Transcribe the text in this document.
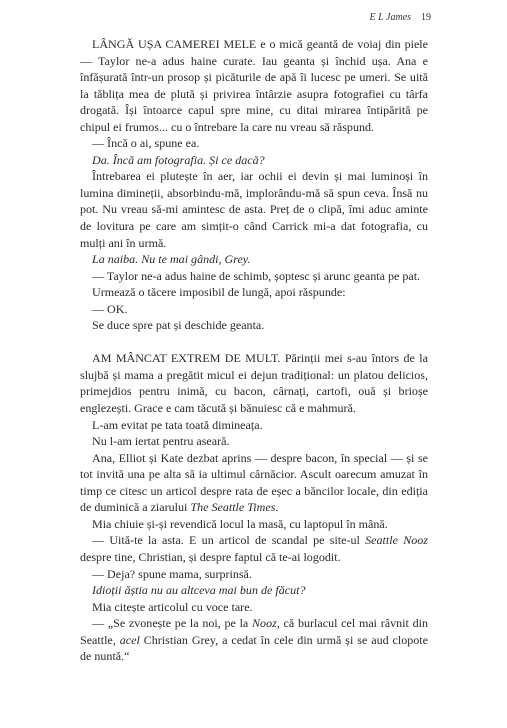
E L James 19

LÂNGĂ UȘA CAMEREI MELE e o mică geantă de voiaj din piele — Taylor ne-a adus haine curate. Iau geanta și închid ușa. Ana e înfășurată într-un prosop și picăturile de apă îi lucesc pe umeri. Se uită la tăblița mea de plută și privirea întârzie asupra fotografiei cu târfa drogată. Își întoarce capul spre mine, cu ditai mirarea întipărită pe chipul ei frumos... cu o întrebare la care nu vreau să răspund.

— Încă o ai, spune ea.

Da. Încă am fotografia. Și ce dacă?

Întrebarea ei plutește în aer, iar ochii ei devin și mai luminoși în lumina dimineții, absorbindu-mă, implorându-mă să spun ceva. Însă nu pot. Nu vreau să-mi amintesc de asta. Preț de o clipă, îmi aduc aminte de lovitura pe care am simțit-o când Carrick mi-a dat fotografia, cu mulți ani în urmă.

La naiba. Nu te mai gândi, Grey.

— Taylor ne-a adus haine de schimb, șoptesc și arunc geanta pe pat.

Urmează o tăcere imposibil de lungă, apoi răspunde:

— OK.

Se duce spre pat și deschide geanta.

AM MÂNCAT EXTREM DE MULT. Părinții mei s-au întors de la slujbă și mama a pregătit micul ei dejun tradițional: un platou delicios, primejdios pentru inimă, cu bacon, cârnați, cartofi, ouă și brioșe englezești. Grace e cam tăcută și bănuiesc că e mahmură.

L-am evitat pe tata toată dimineața.

Nu l-am iertat pentru aseară.

Ana, Elliot și Kate dezbat aprins — despre bacon, în special — și se tot invită una pe alta să ia ultimul cârnăcior. Ascult oarecum amuzat în timp ce citesc un articol despre rata de eșec a băncilor locale, din ediția de duminică a ziarului The Seattle Times.

Mia chiuie și-și revendică locul la masă, cu laptopul în mână.

— Uită-te la asta. E un articol de scandal pe site-ul Seattle Nooz despre tine, Christian, și despre faptul că te-ai logodit.

— Deja? spune mama, surprinsă.

Idioții ăștia nu au altceva mai bun de făcut?

Mia citește articolul cu voce tare.

— „Se zvonește pe la noi, pe la Nooz, că burlacul cel mai râvnit din Seattle, acel Christian Grey, a cedat în cele din urmă și se aud clopote de nuntă.“
